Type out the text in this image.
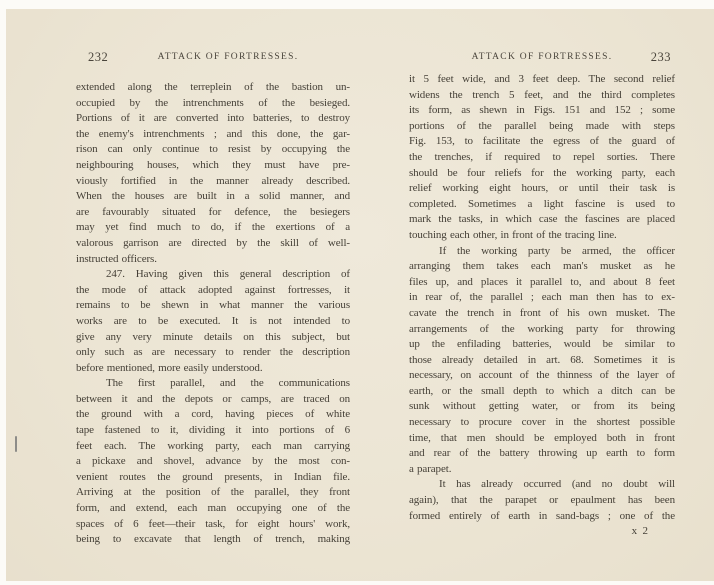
232	ATTACK OF FORTRESSES.

extended along the terreplein of the bastion un-

occupied by the intrenchments of the besieged.

Portions of it are converted into batteries, to destroy

the enemy's intrenchments ; and this done, the gar-

rison can only continue to resist by occupying the

neighbouring houses, which they must have pre-

viously fortified in the manner already described.

When the houses are built in a solid manner, and

are favourably situated for defence, the besiegers

may yet find much to do, if the exertions of a

valorous garrison are directed by the skill of well-

instructed officers.

247. Having given this general description of

the mode of attack adopted against fortresses, it

remains to be shewn in what manner the various

works are to be executed. It is not intended to

give any very minute details on this subject, but

only such as are necessary to render the description

before mentioned, more easily understood.

The first parallel, and the communications

between it and the depots or camps, are traced on

the ground with a cord, having pieces of white

tape fastened to it, dividing it into portions of 6

feet each. The working party, each man carrying

a pickaxe and shovel, advance by the most con-

venient routes the ground presents, in Indian file.

Arriving at the position of the parallel, they front

form, and extend, each man occupying one of the

spaces of 6 feet—their task, for eight hours' work,

being to excavate that length of trench, making

233
ATTACK OF FORTRESSES.

it 5 feet wide, and 3 feet deep. The second relief

widens the trench 5 feet, and the third completes

its form, as shewn in Figs. 151 and 152 ; some

portions of the parallel being made with steps

Fig. 153, to facilitate the egress of the guard of

the trenches, if required to repel sorties. There

should be four reliefs for the working party, each

relief working eight hours, or until their task is

completed. Sometimes a light fascine is used to

mark the tasks, in which case the fascines are placed

touching each other, in front of the tracing line.

If the working party be armed, the officer

arranging them takes each man's musket as he

files up, and places it parallel to, and about 8 feet

in rear of, the parallel ; each man then has to ex-

cavate the trench in front of his own musket. The

arrangements of the working party for throwing

up the enfilading batteries, would be similar to

those already detailed in art. 68. Sometimes it is

necessary, on account of the thinness of the layer of

earth, or the small depth to which a ditch can be

sunk without getting water, or from its being

necessary to procure cover in the shortest possible

time, that men should be employed both in front

and rear of the battery throwing up earth to form

a parapet.

It has already occurred (and no doubt will

again), that the parapet or epaulment has been

formed entirely of earth in sand-bags ; one of the

x 2
